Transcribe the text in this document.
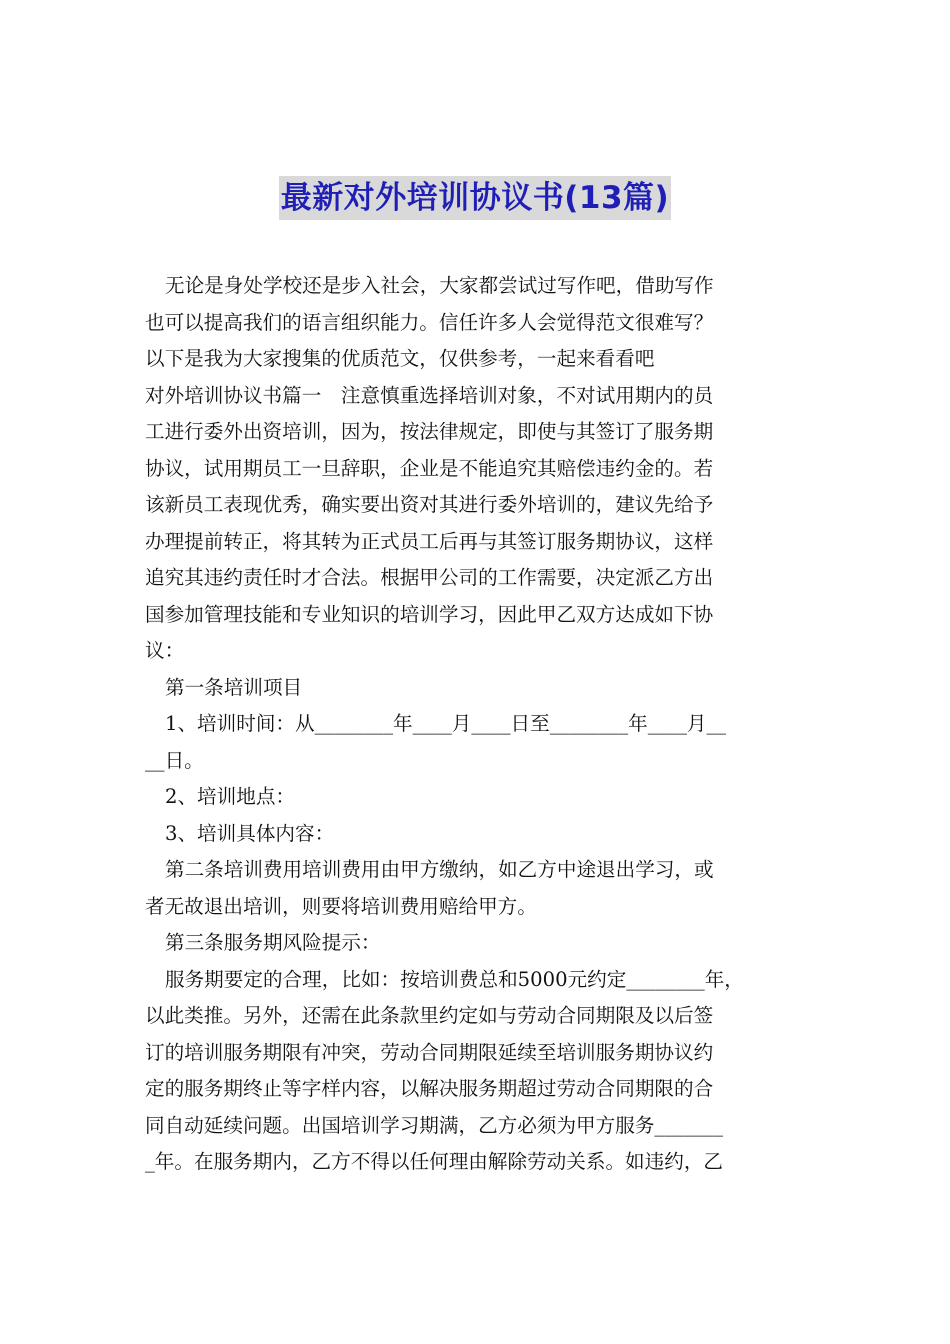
最新对外培训协议书(13篇)
无论是身处学校还是步入社会，大家都尝试过写作吧，借助写作
也可以提高我们的语言组织能力。信任许多人会觉得范文很难写？
以下是我为大家搜集的优质范文，仅供参考，一起来看看吧
对外培训协议书篇一　注意慎重选择培训对象，不对试用期内的员
工进行委外出资培训，因为，按法律规定，即使与其签订了服务期
协议，试用期员工一旦辞职，企业是不能追究其赔偿违约金的。若
该新员工表现优秀，确实要出资对其进行委外培训的，建议先给予
办理提前转正，将其转为正式员工后再与其签订服务期协议，这样
追究其违约责任时才合法。根据甲公司的工作需要，决定派乙方出
国参加管理技能和专业知识的培训学习，因此甲乙双方达成如下协
议：
第一条培训项目
1、培训时间：从________年____月____日至________年____月__
__日。
2、培训地点：
3、培训具体内容：
第二条培训费用培训费用由甲方缴纳，如乙方中途退出学习，或
者无故退出培训，则要将培训费用赔给甲方。
第三条服务期风险提示：
服务期要定的合理，比如：按培训费总和5000元约定________年，
以此类推。另外，还需在此条款里约定如与劳动合同期限及以后签
订的培训服务期限有冲突，劳动合同期限延续至培训服务期协议约
定的服务期终止等字样内容，以解决服务期超过劳动合同期限的合
同自动延续问题。出国培训学习期满，乙方必须为甲方服务_______
_年。在服务期内，乙方不得以任何理由解除劳动关系。如违约，乙
